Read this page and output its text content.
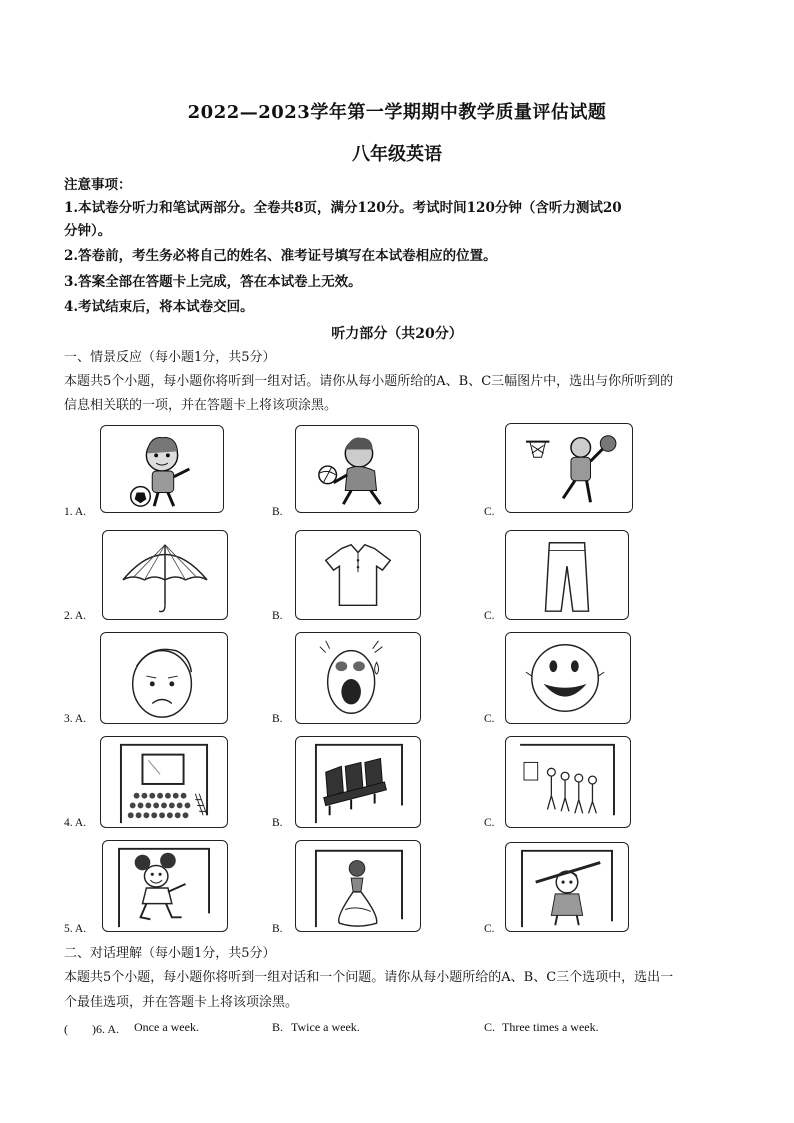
2022—2023学年第一学期期中教学质量评估试题
八年级英语
注意事项：
1.本试卷分听力和笔试两部分。全卷共8页，满分120分。考试时间120分钟（含听力测试20
分钟）。
2.答卷前，考生务必将自己的姓名、准考证号填写在本试卷相应的位置。
3.答案全部在答题卡上完成，答在本试卷上无效。
4.考试结束后，将本试卷交回。
听力部分（共20分）
一、情景反应（每小题1分，共5分）
本题共5个小题，每小题你将听到一组对话。请你从每小题所给的A、B、C三幅图片中，选出与你所听到的
信息相关联的一项，并在答题卡上将该项涂黑。
1. A.	B.	C.
2. A.	B.	C.
3. A.	B.	C.
4. A.	B.	C.
5. A.	B.	C.
二、对话理解（每小题1分，共5分）
本题共5个小题，每小题你将听到一组对话和一个问题。请你从每小题所给的A、B、C三个选项中，选出一
个最佳选项，并在答题卡上将该项涂黑。
(　　)6. A. Once a week.	B. Twice a week.	C. Three times a week.
